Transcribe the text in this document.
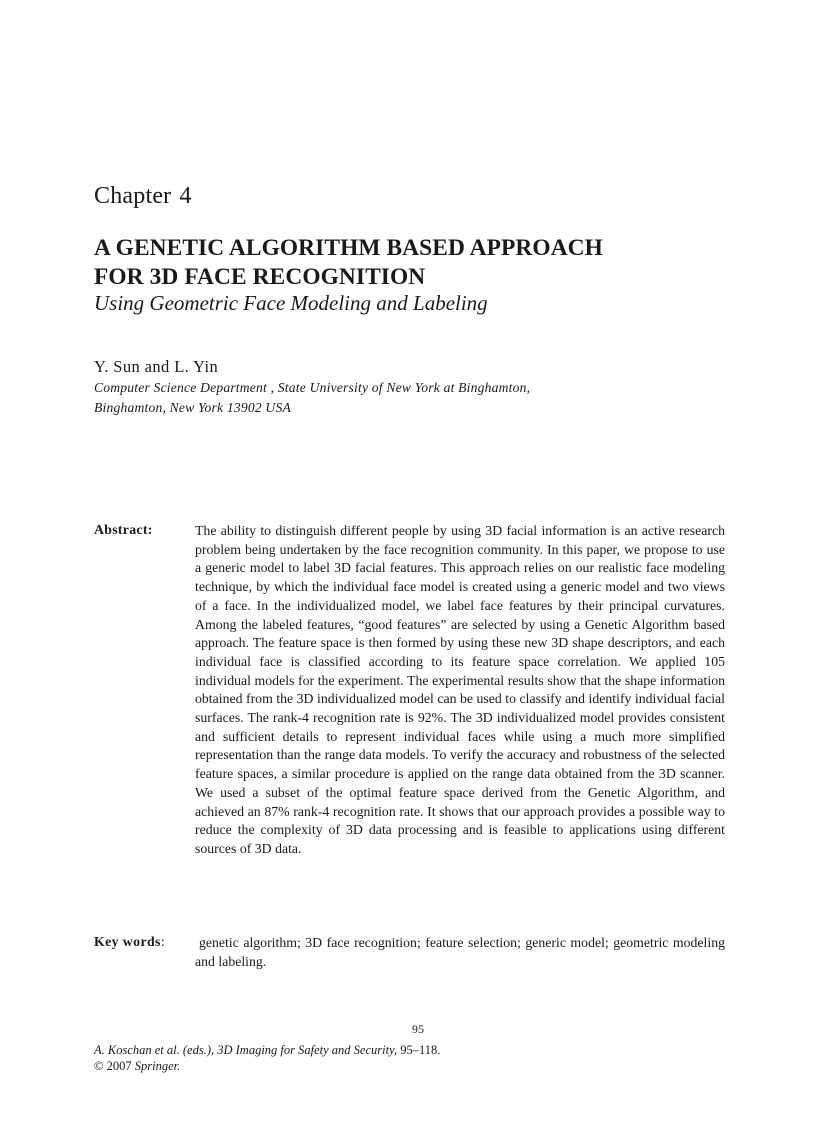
Chapter 4
A GENETIC ALGORITHM BASED APPROACH
FOR 3D FACE RECOGNITION
Using Geometric Face Modeling and Labeling
Y. Sun and L. Yin
Computer Science Department , State University of New York at Binghamton,
Binghamton, New York 13902 USA
Abstract:	The ability to distinguish different people by using 3D facial information is an active research problem being undertaken by the face recognition community. In this paper, we propose to use a generic model to label 3D facial features. This approach relies on our realistic face modeling technique, by which the individual face model is created using a generic model and two views of a face. In the individualized model, we label face features by their principal curvatures. Among the labeled features, “good features” are selected by using a Genetic Algorithm based approach. The feature space is then formed by using these new 3D shape descriptors, and each individual face is classified according to its feature space correlation. We applied 105 individual models for the experiment. The experimental results show that the shape information obtained from the 3D individualized model can be used to classify and identify individual facial surfaces. The rank-4 recognition rate is 92%. The 3D individualized model provides consistent and sufficient details to represent individual faces while using a much more simplified representation than the range data models. To verify the accuracy and robustness of the selected feature spaces, a similar procedure is applied on the range data obtained from the 3D scanner. We used a subset of the optimal feature space derived from the Genetic Algorithm, and achieved an 87% rank-4 recognition rate. It shows that our approach provides a possible way to reduce the complexity of 3D data processing and is feasible to applications using different sources of 3D data.
Key words: genetic algorithm; 3D face recognition; feature selection; generic model; geometric modeling and labeling.
95
A. Koschan et al. (eds.), 3D Imaging for Safety and Security, 95–118.
© 2007 Springer.
